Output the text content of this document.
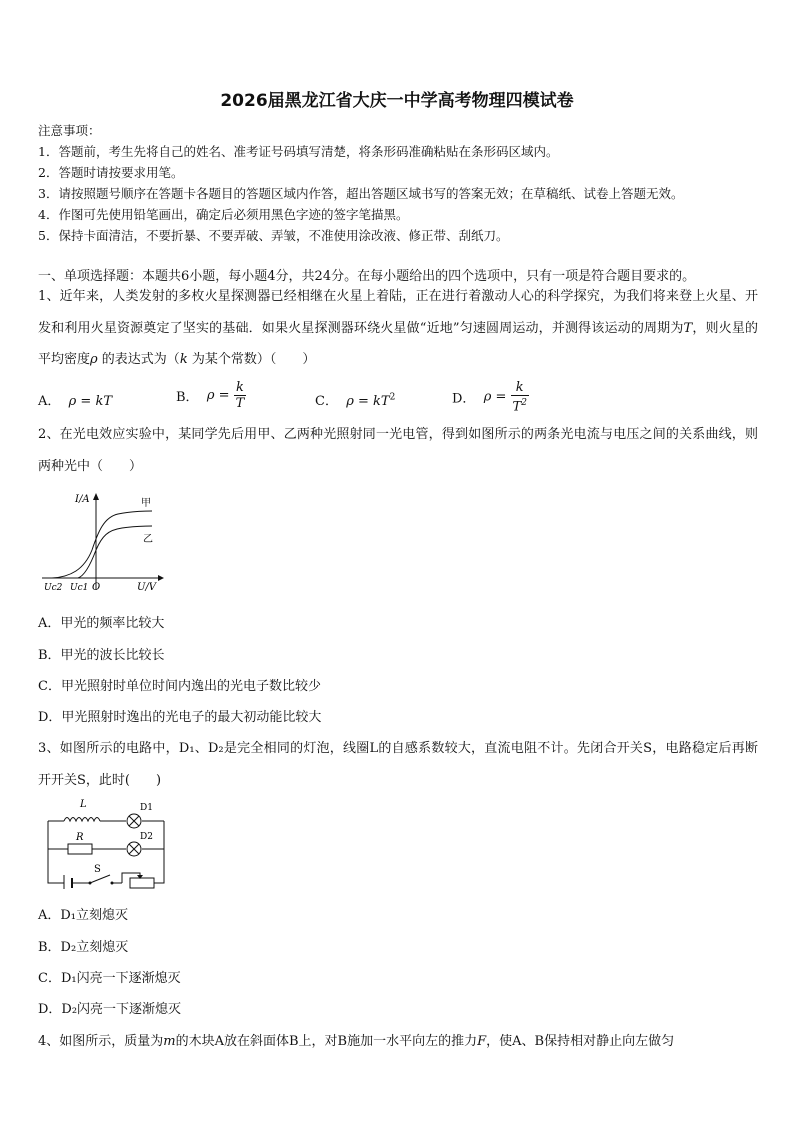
2026届黑龙江省大庆一中学高考物理四模试卷
注意事项：
1．答题前，考生先将自己的姓名、准考证号码填写清楚，将条形码准确粘贴在条形码区域内。
2．答题时请按要求用笔。
3．请按照题号顺序在答题卡各题目的答题区域内作答，超出答题区域书写的答案无效；在草稿纸、试卷上答题无效。
4．作图可先使用铅笔画出，确定后必须用黑色字迹的签字笔描黑。
5．保持卡面清洁，不要折暴、不要弄破、弄皱，不准使用涂改液、修正带、刮纸刀。
一、单项选择题：本题共6小题，每小题4分，共24分。在每小题给出的四个选项中，只有一项是符合题目要求的。
1、近年来，人类发射的多枚火星探测器已经相继在火星上着陆，正在进行着激动人心的科学探究，为我们将来登上火星、开发和利用火星资源奠定了坚实的基础．如果火星探测器环绕火星做“近地”匀速圆周运动，并测得该运动的周期为T，则火星的平均密度ρ 的表达式为（k 为某个常数）（　　）
A． ρ = kT	B． $\rho = \frac{k}{T}$	C． $\rho = kT^2$	D． $\rho = \frac{k}{T^2}$
2、在光电效应实验中，某同学先后用甲、乙两种光照射同一光电管，得到如图所示的两条光电流与电压之间的关系曲线，则两种光中（　　）
I/A	甲
乙
Uc2 Uc1 O	U/V
A．甲光的频率比较大
B．甲光的波长比较长
C．甲光照射时单位时间内逸出的光电子数比较少
D．甲光照射时逸出的光电子的最大初动能比较大
3、如图所示的电路中，D₁、D₂是完全相同的灯泡，线圈L的自感系数较大，直流电阻不计。先闭合开关S，电路稳定后再断开开关S，此时(　　)
L	D1
R	D2
S
A．D₁立刻熄灭
B．D₂立刻熄灭
C．D₁闪亮一下逐渐熄灭
D．D₂闪亮一下逐渐熄灭
4、如图所示，质量为m的木块A放在斜面体B上，对B施加一水平向左的推力F，使A、B保持相对静止向左做匀
